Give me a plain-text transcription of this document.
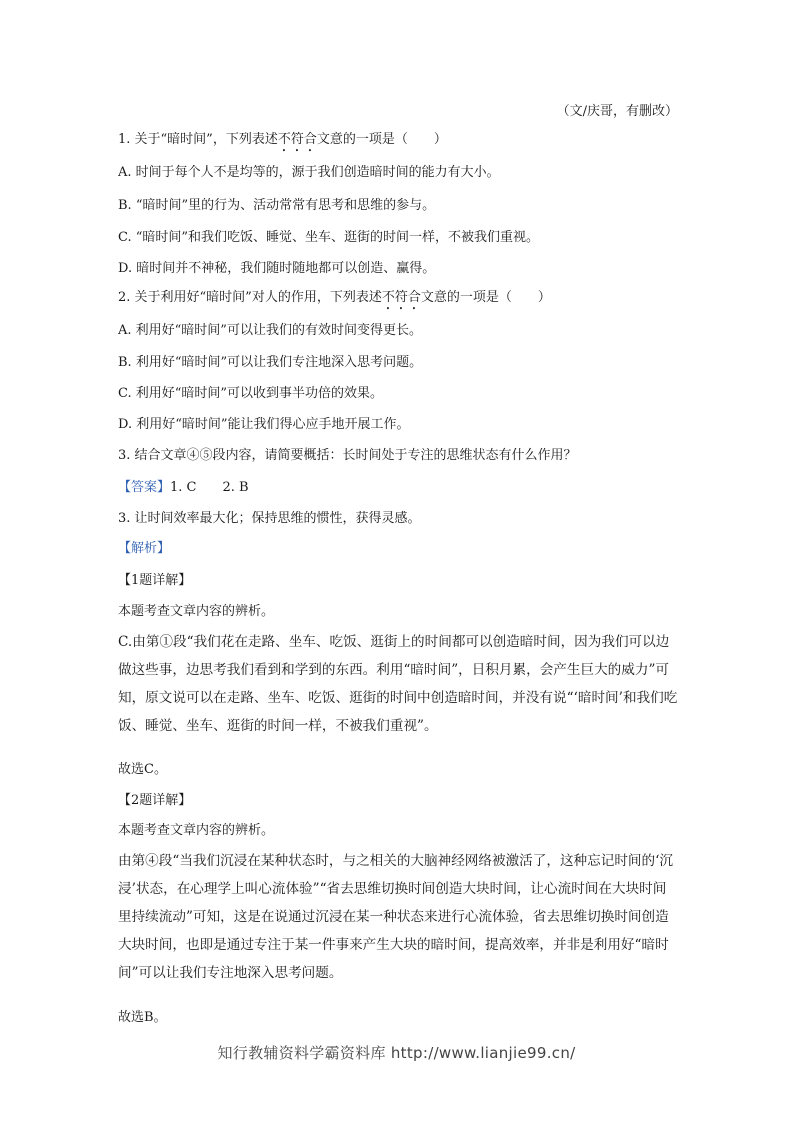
（文/庆哥，有删改）
1. 关于“暗时间”，下列表述不符合文意的一项是（　　）
A. 时间于每个人不是均等的，源于我们创造暗时间的能力有大小。
B. “暗时间”里的行为、活动常常有思考和思维的参与。
C. “暗时间”和我们吃饭、睡觉、坐车、逛街的时间一样，不被我们重视。
D. 暗时间并不神秘，我们随时随地都可以创造、赢得。
2. 关于利用好“暗时间”对人的作用，下列表述不符合文意的一项是（　　）
A. 利用好“暗时间”可以让我们的有效时间变得更长。
B. 利用好“暗时间”可以让我们专注地深入思考问题。
C. 利用好“暗时间”可以收到事半功倍的效果。
D. 利用好“暗时间”能让我们得心应手地开展工作。
3. 结合文章④⑤段内容，请简要概括：长时间处于专注的思维状态有什么作用？
【答案】1. C　　2. B
3. 让时间效率最大化；保持思维的惯性，获得灵感。
【解析】
【1题详解】
本题考查文章内容的辨析。
C.由第①段“我们花在走路、坐车、吃饭、逛街上的时间都可以创造暗时间，因为我们可以边做这些事，边思考我们看到和学到的东西。利用“暗时间”，日积月累，会产生巨大的威力”可知，原文说可以在走路、坐车、吃饭、逛街的时间中创造暗时间，并没有说“‘暗时间’和我们吃饭、睡觉、坐车、逛街的时间一样，不被我们重视”。
故选C。
【2题详解】
本题考查文章内容的辨析。
由第④段“当我们沉浸在某种状态时，与之相关的大脑神经网络被激活了，这种忘记时间的‘沉浸’状态，在心理学上叫心流体验”“省去思维切换时间创造大块时间，让心流时间在大块时间里持续流动”可知，这是在说通过沉浸在某一种状态来进行心流体验，省去思维切换时间创造大块时间，也即是通过专注于某一件事来产生大块的暗时间，提高效率，并非是利用好“暗时间”可以让我们专注地深入思考问题。
故选B。
知行教辅资料学霸资料库 http://www.lianjie99.cn/
